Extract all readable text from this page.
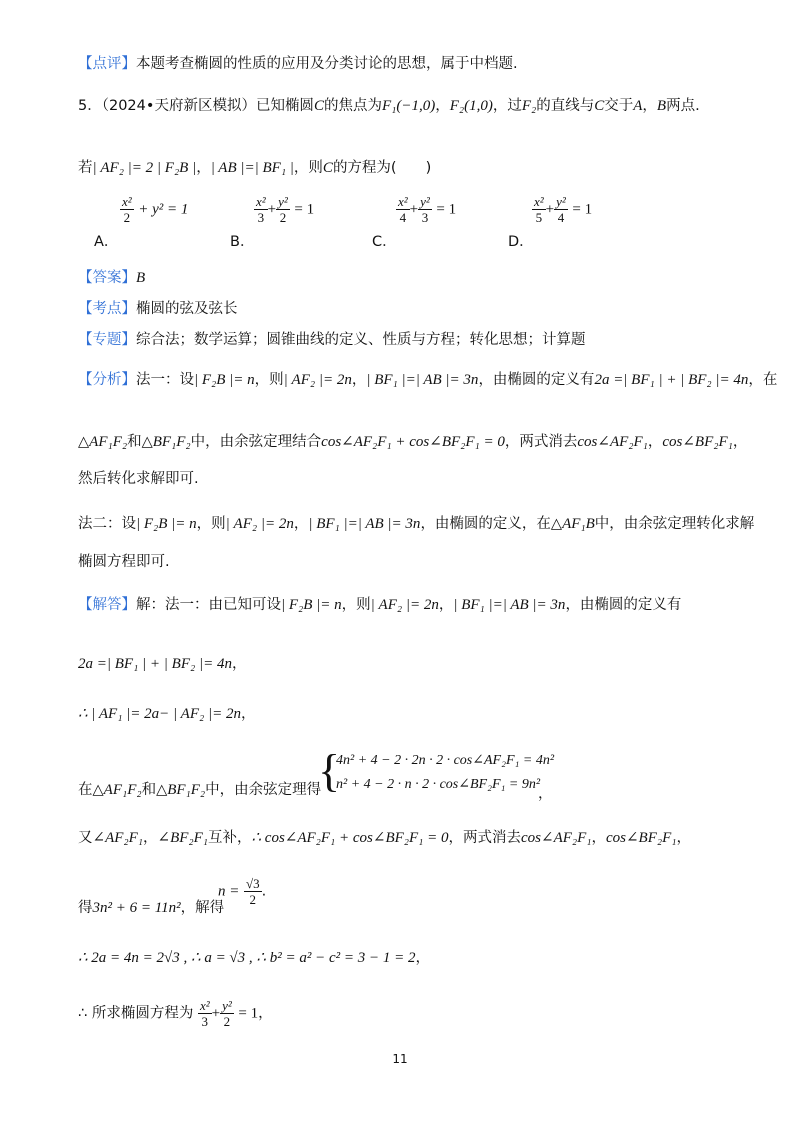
【点评】本题考查椭圆的性质的应用及分类讨论的思想，属于中档题.
5．（2024•天府新区模拟）已知椭圆C的焦点为F₁(−1,0)，F₂(1,0)，过F₂的直线与C交于A，B两点.
若| AF₂ |= 2 | F₂B |，| AB |=| BF₁ |，则C的方程为(　　)
A．
$\frac{\text{x²}}{2} + y^2 = 1$
B．
$\frac{\text{x²}}{3} + \frac{\text{y²}}{2} = 1$
C．
$\frac{\text{x²}}{4} + \frac{\text{y²}}{3} = 1$
D．
$\frac{\text{x²}}{5} + \frac{\text{y²}}{4} = 1$
【答案】B
【考点】椭圆的弦及弦长
【专题】综合法；数学运算；圆锥曲线的定义、性质与方程；转化思想；计算题
【分析】法一：设| F₂B |= n，则| AF₂ |= 2n，| BF₁ |=| AB |= 3n，由椭圆的定义有2a =| BF₁ | + | BF₂ |= 4n，在
△AF₁F₂和△BF₁F₂中，由余弦定理结合cos∠AF₂F₁ + cos∠BF₂F₁ = 0，两式消去cos∠AF₂F₁，cos∠BF₂F₁，
然后转化求解即可.
法二：设| F₂B |= n，则| AF₂ |= 2n，| BF₁ |=| AB |= 3n，由椭圆的定义，在△AF₁B中，由余弦定理转化求解
椭圆方程即可.
【解答】解：法一：由已知可设| F₂B |= n，则| AF₂ |= 2n，| BF₁ |=| AB |= 3n，由椭圆的定义有
2a =| BF₁ | + | BF₂ |= 4n，
∴ | AF₁ |= 2a− | AF₂ |= 2n，
在△AF₁F₂和△BF₁F₂中，由余弦定理得
{
4n² + 4 − 2 · 2n · 2 · cos∠AF₂F₁ = 4n²
n² + 4 − 2 · n · 2 · cos∠BF₂F₁ = 9n²
，
又∠AF₂F₁，∠BF₂F₁互补，∴ cos∠AF₂F₁ + cos∠BF₂F₁ = 0，两式消去cos∠AF₂F₁，cos∠BF₂F₁，
得3n² + 6 = 11n²，解得
$n = \frac{√3}{2}$ .
∴ 2a = 4n = 2√3 , ∴ a = √3 , ∴ b² = a² − c² = 3 − 1 = 2，
∴ 所求椭圆方程为 $\frac{\text{x²}}{3} + \frac{\text{y²}}{2} = 1$，
11
